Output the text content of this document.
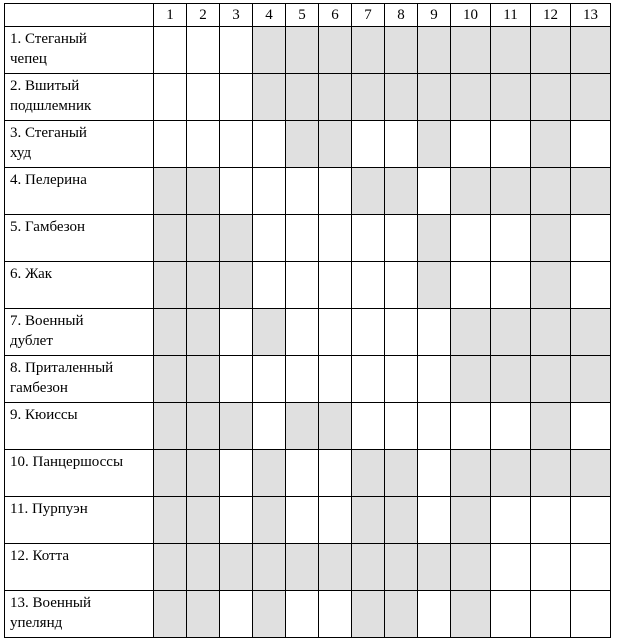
	1	2	3	4	5	6	7	8	9	10	11	12	13

1. Стеганый
чепец													

2. Вшитый
подшлемник													

3. Стеганый
худ													

4. Пелерина													

5. Гамбезон													

6. Жак													

7. Военный
дублет													

8. Приталенный
гамбезон													

9. Кюиссы													

10. Панцершоссы													

11. Пурпуэн													

12. Котта													

13. Военный
упелянд													
